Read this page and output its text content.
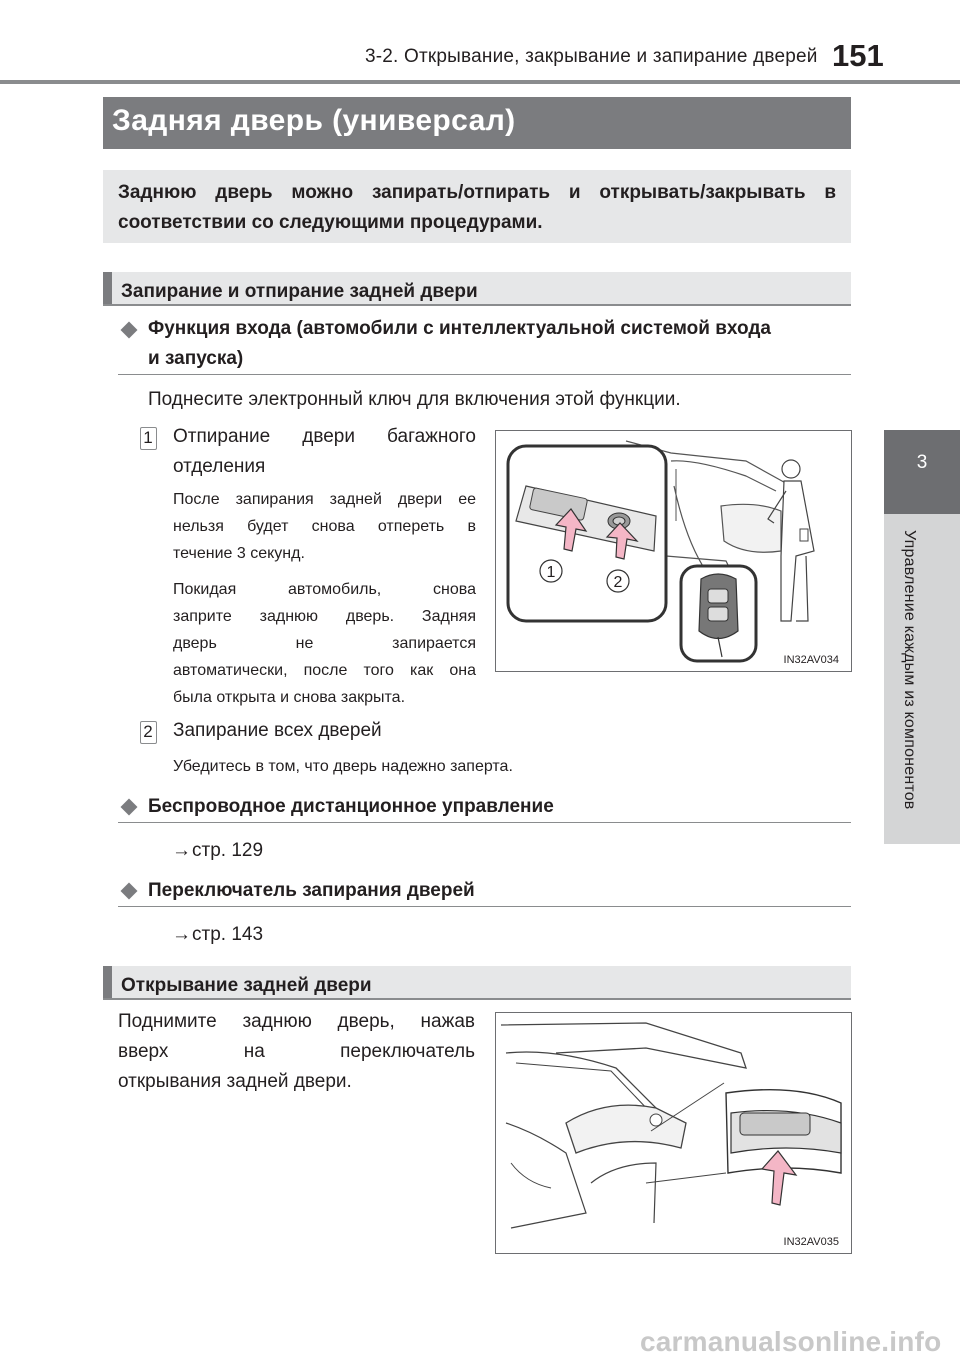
3-2. Открывание, закрывание и запирание дверей 151
3
Управление каждым из компонентов
Задняя дверь (универсал)
Заднюю дверь можно запирать/отпирать и открывать/закрывать в соответствии со следующими процедурами.
Запирание и отпирание задней двери
Функция входа (автомобили с интеллектуальной системой входа
и запуска)
Поднесите электронный ключ для включения этой функции.
1 Отпирание двери багажного
отделения
После запирания задней двери ее
нельзя будет снова отпереть в
течение 3 секунд.
Покидая автомобиль, снова
заприте заднюю дверь. Задняя
дверь не запирается
автоматически, после того как она
была открыта и снова закрыта.
1
2
IN32AV034
2 Запирание всех дверей
Убедитесь в том, что дверь надежно заперта.
Беспроводное дистанционное управление
→ стр. 129
Переключатель запирания дверей
→ стр. 143
Открывание задней двери
Поднимите заднюю дверь, нажав
вверх на переключатель
открывания задней двери.
IN32AV035
carmanualsonline.info
